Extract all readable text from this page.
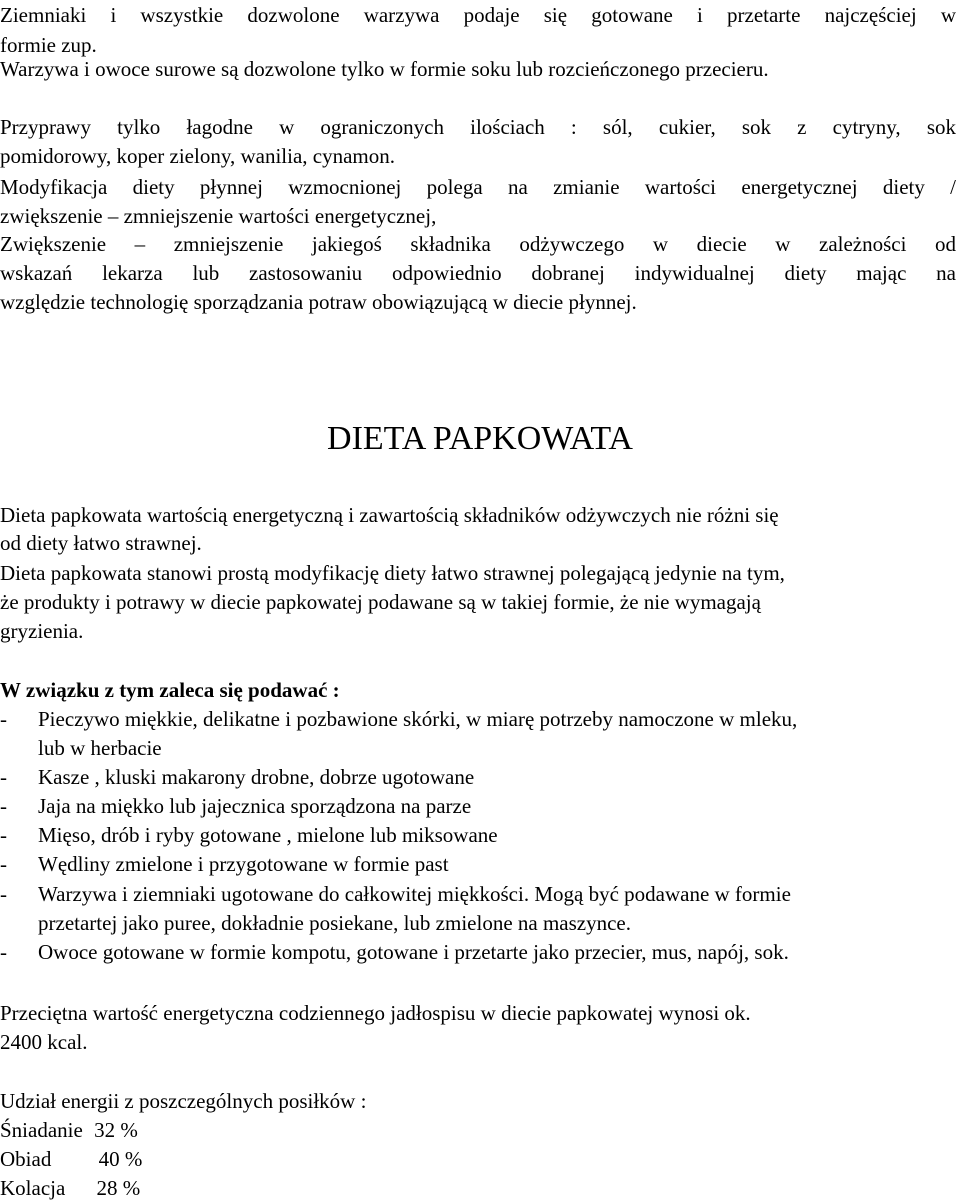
Ziemniaki i wszystkie dozwolone warzywa podaje się gotowane i przetarte najczęściej w
formie zup.
Warzywa i owoce surowe są dozwolone tylko w formie soku lub rozcieńczonego przecieru.
Przyprawy tylko łagodne w ograniczonych ilościach : sól, cukier, sok z cytryny, sok
pomidorowy, koper zielony, wanilia, cynamon.
Modyfikacja diety płynnej wzmocnionej polega na zmianie wartości energetycznej diety /
zwiększenie – zmniejszenie wartości energetycznej,
Zwiększenie – zmniejszenie jakiegoś składnika odżywczego w diecie w zależności od
wskazań lekarza lub zastosowaniu odpowiednio dobranej indywidualnej diety mając na
względzie technologię sporządzania potraw obowiązującą w diecie płynnej.
DIETA PAPKOWATA
Dieta papkowata wartością energetyczną i zawartością składników odżywczych nie różni się
od diety łatwo strawnej.
Dieta papkowata stanowi prostą modyfikację diety łatwo strawnej polegającą jedynie na tym,
że produkty i potrawy w diecie papkowatej podawane są w takiej formie, że nie wymagają
gryzienia.
W związku z tym zaleca się podawać :
- Pieczywo miękkie, delikatne i pozbawione skórki, w miarę potrzeby namoczone w mleku,
lub w herbacie
- Kasze , kluski makarony drobne, dobrze ugotowane
- Jaja na miękko lub jajecznica sporządzona na parze
- Mięso, drób i ryby gotowane , mielone lub miksowane
- Wędliny zmielone i przygotowane w formie past
- Warzywa i ziemniaki ugotowane do całkowitej miękkości. Mogą być podawane w formie
przetartej jako puree, dokładnie posiekane, lub zmielone na maszynce.
- Owoce gotowane w formie kompotu, gotowane i przetarte jako przecier, mus, napój, sok.
Przeciętna wartość energetyczna codziennego jadłospisu w diecie papkowatej wynosi ok.
2400 kcal.
Udział energii z poszczególnych posiłków :
Śniadanie 32 %
Obiad 40 %
Kolacja 28 %
